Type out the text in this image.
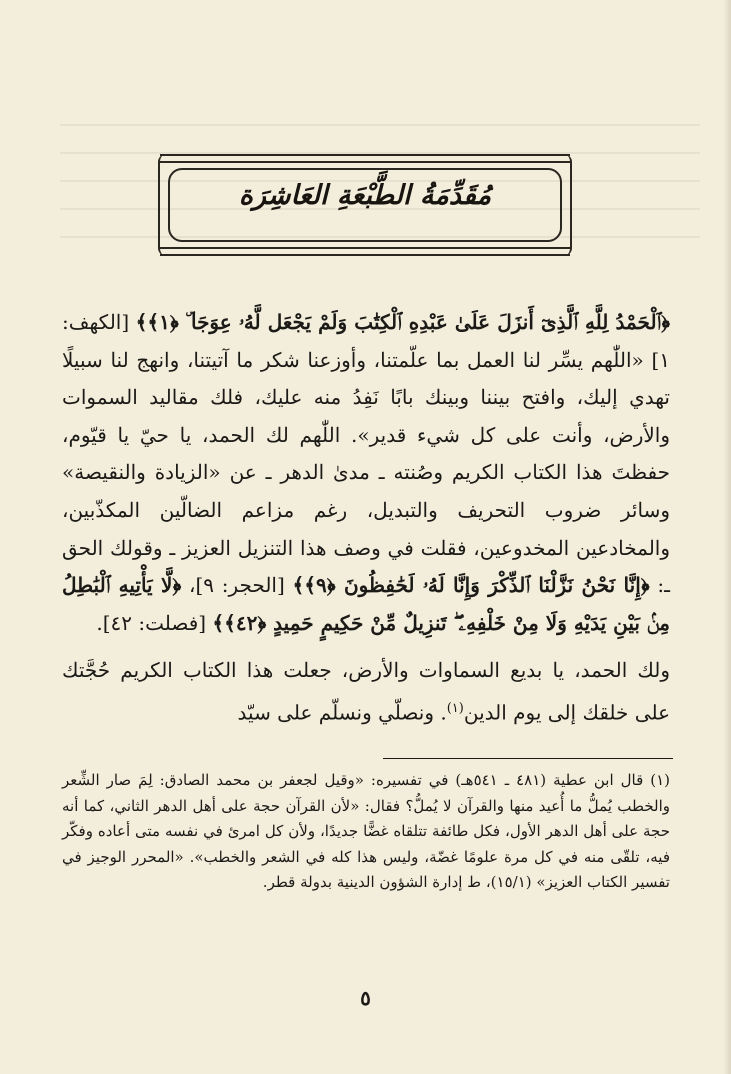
مُقَدِّمَةُ الطَّبْعَةِ العَاشِرَة

﴿ٱلْحَمْدُ لِلَّهِ ٱلَّذِىٓ أَنزَلَ عَلَىٰ عَبْدِهِ ٱلْكِتَٰبَ وَلَمْ يَجْعَل لَّهُۥ عِوَجَا ۜ ﴿١﴾﴾ [الكهف: ١] «اللّٰهم يسِّر لنا العمل بما علّمتنا، وأوزعنا شكر ما آتيتنا، وانهج لنا سبيلًا تهدي إليك، وافتح بيننا وبينك بابًا نَفِدُ منه عليك، فلك مقاليد السموات والأرض، وأنت على كل شيء قدير». اللّٰهم لك الحمد، يا حيّ يا قيّوم، حفظتَ هذا الكتاب الكريم وصُنته ـ مدىٰ الدهر ـ عن «الزيادة والنقيصة» وسائر ضروب التحريف والتبديل، رغم مزاعم الضالّين المكذّبين، والمخادعين المخدوعين، فقلت في وصف هذا التنزيل العزيز ـ وقولك الحق ـ: ﴿إِنَّا نَحْنُ نَزَّلْنَا ٱلذِّكْرَ وَإِنَّا لَهُۥ لَحَٰفِظُونَ ﴿٩﴾﴾ [الحجر: ٩]، ﴿لَّا يَأْتِيهِ ٱلْبَٰطِلُ مِنۢ بَيْنِ يَدَيْهِ وَلَا مِنْ خَلْفِهِۦ ۖ تَنزِيلٌ مِّنْ حَكِيمٍ حَمِيدٍ ﴿٤٢﴾﴾ [فصلت: ٤٢].

ولك الحمد، يا بديع السماوات والأرض، جعلت هذا الكتاب الكريم حُجَّتك على خلقك إلى يوم الدين$^{(١)}$. ونصلّي ونسلّم على سيّد

(١) قال ابن عطية (٤٨١ ـ ٥٤١هـ) في تفسيره: «وقيل لجعفر بن محمد الصادق: لِمَ صار الشِّعر والخطب يُملُّ ما أُعيد منها والقرآن لا يُملُّ؟ فقال: «لأن القرآن حجة على أهل الدهر الثاني، كما أنه حجة على أهل الدهر الأول، فكل طائفة تتلقاه غضًّا جديدًا، ولأن كل امرئ في نفسه متى أعاده وفكّر فيه، تلقّى منه في كل مرة علومًا غضّة، وليس هذا كله في الشعر والخطب». «المحرر الوجيز في تفسير الكتاب العزيز» (١٥/١)، ط إدارة الشؤون الدينية بدولة قطر.
٥
